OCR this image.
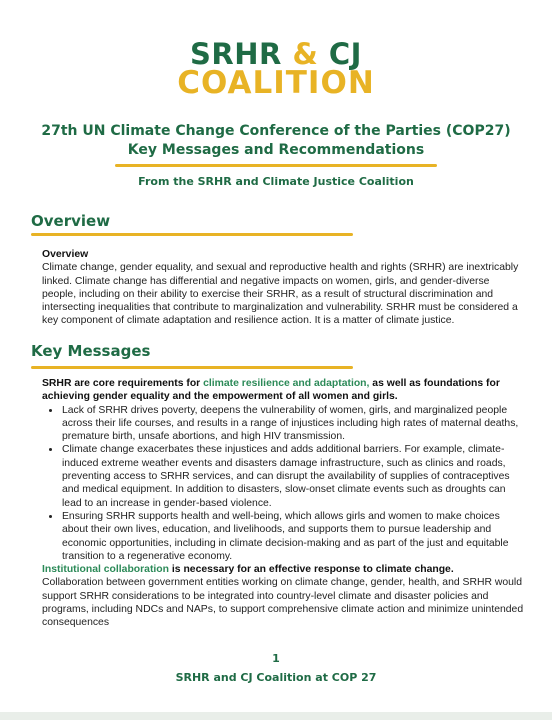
SRHR & CJ
COALITION
27th UN Climate Change Conference of the Parties (COP27)
Key Messages and Recommendations
From the SRHR and Climate Justice Coalition
Overview
Overview
Climate change, gender equality, and sexual and reproductive health and rights (SRHR) are inextricably linked. Climate change has differential and negative impacts on women, girls, and gender-diverse people, including on their ability to exercise their SRHR, as a result of structural discrimination and intersecting inequalities that contribute to marginalization and vulnerability. SRHR must be considered a key component of climate adaptation and resilience action. It is a matter of climate justice.
Key Messages

SRHR are core requirements for climate resilience and adaptation, as well as foundations for achieving gender equality and the empowerment of all women and girls.

• Lack of SRHR drives poverty, deepens the vulnerability of women, girls, and marginalized people across their life courses, and results in a range of injustices including high rates of maternal deaths, premature birth, unsafe abortions, and high HIV transmission.
• Climate change exacerbates these injustices and adds additional barriers. For example, climate-induced extreme weather events and disasters damage infrastructure, such as clinics and roads, preventing access to SRHR services, and can disrupt the availability of supplies of contraceptives and medical equipment. In addition to disasters, slow-onset climate events such as droughts can lead to an increase in gender-based violence.
• Ensuring SRHR supports health and well-being, which allows girls and women to make choices about their own lives, education, and livelihoods, and supports them to pursue leadership and economic opportunities, including in climate decision-making and as part of the just and equitable transition to a regenerative economy.

Institutional collaboration is necessary for an effective response to climate change.

Collaboration between government entities working on climate change, gender, health, and SRHR would support SRHR considerations to be integrated into country-level climate and disaster policies and programs, including NDCs and NAPs, to support comprehensive climate action and minimize unintended consequences
1
SRHR and CJ Coalition at COP 27
